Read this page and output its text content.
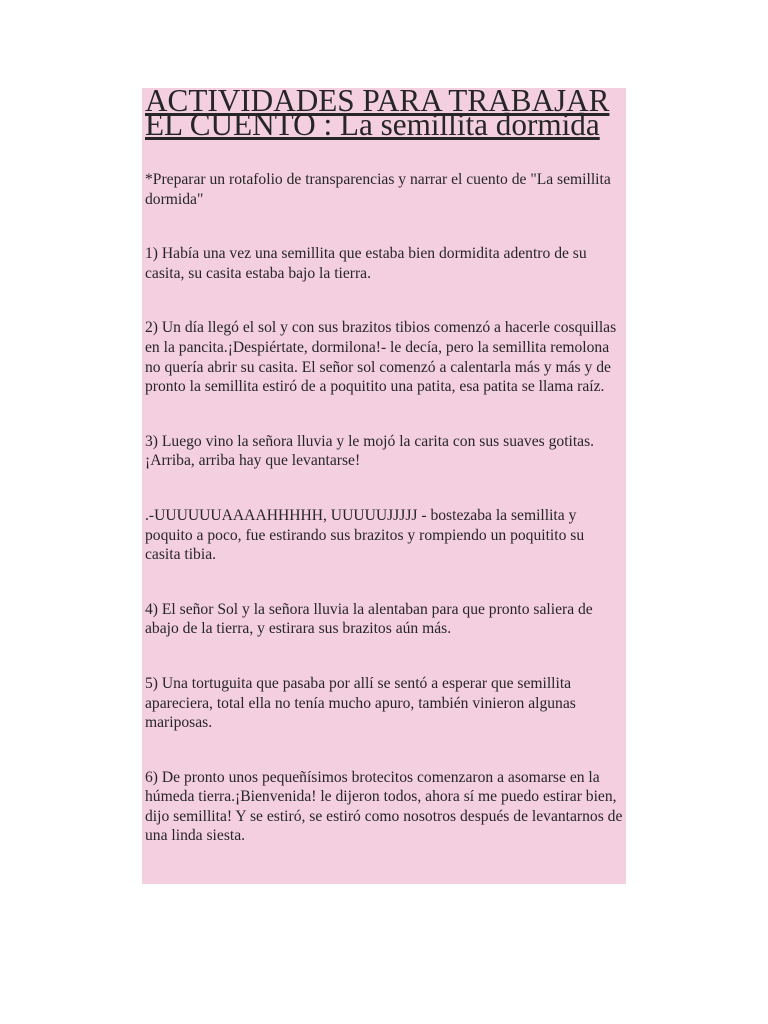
ACTIVIDADES PARA TRABAJAR EL CUENTO : La semillita dormida

*Preparar un rotafolio de transparencias y narrar el cuento de "La semillita dormida"

1) Había una vez una semillita que estaba bien dormidita adentro de su casita, su casita estaba bajo la tierra.

2) Un día llegó el sol y con sus brazitos tibios comenzó a hacerle cosquillas en la pancita.¡Despiértate, dormilona!- le decía, pero la semillita remolona no quería abrir su casita. El señor sol comenzó a calentarla más y más y de pronto la semillita estiró de a poquitito una patita, esa patita se llama raíz.

3) Luego vino la señora lluvia y le mojó la carita con sus suaves gotitas. ¡Arriba, arriba hay que levantarse!

.-UUUUUUAAAAHHHHH, UUUUUJJJJJ - bostezaba la semillita y poquito a poco, fue estirando sus brazitos y rompiendo un poquitito su casita tibia.

4) El señor Sol y la señora lluvia la alentaban para que pronto saliera de abajo de la tierra, y estirara sus brazitos aún más.

5) Una tortuguita que pasaba por allí se sentó a esperar que semillita apareciera, total ella no tenía mucho apuro, también vinieron algunas mariposas.

6) De pronto unos pequeñísimos brotecitos comenzaron a asomarse en la húmeda tierra.¡Bienvenida! le dijeron todos, ahora sí me puedo estirar bien, dijo semillita! Y se estiró, se estiró como nosotros después de levantarnos de una linda siesta.
